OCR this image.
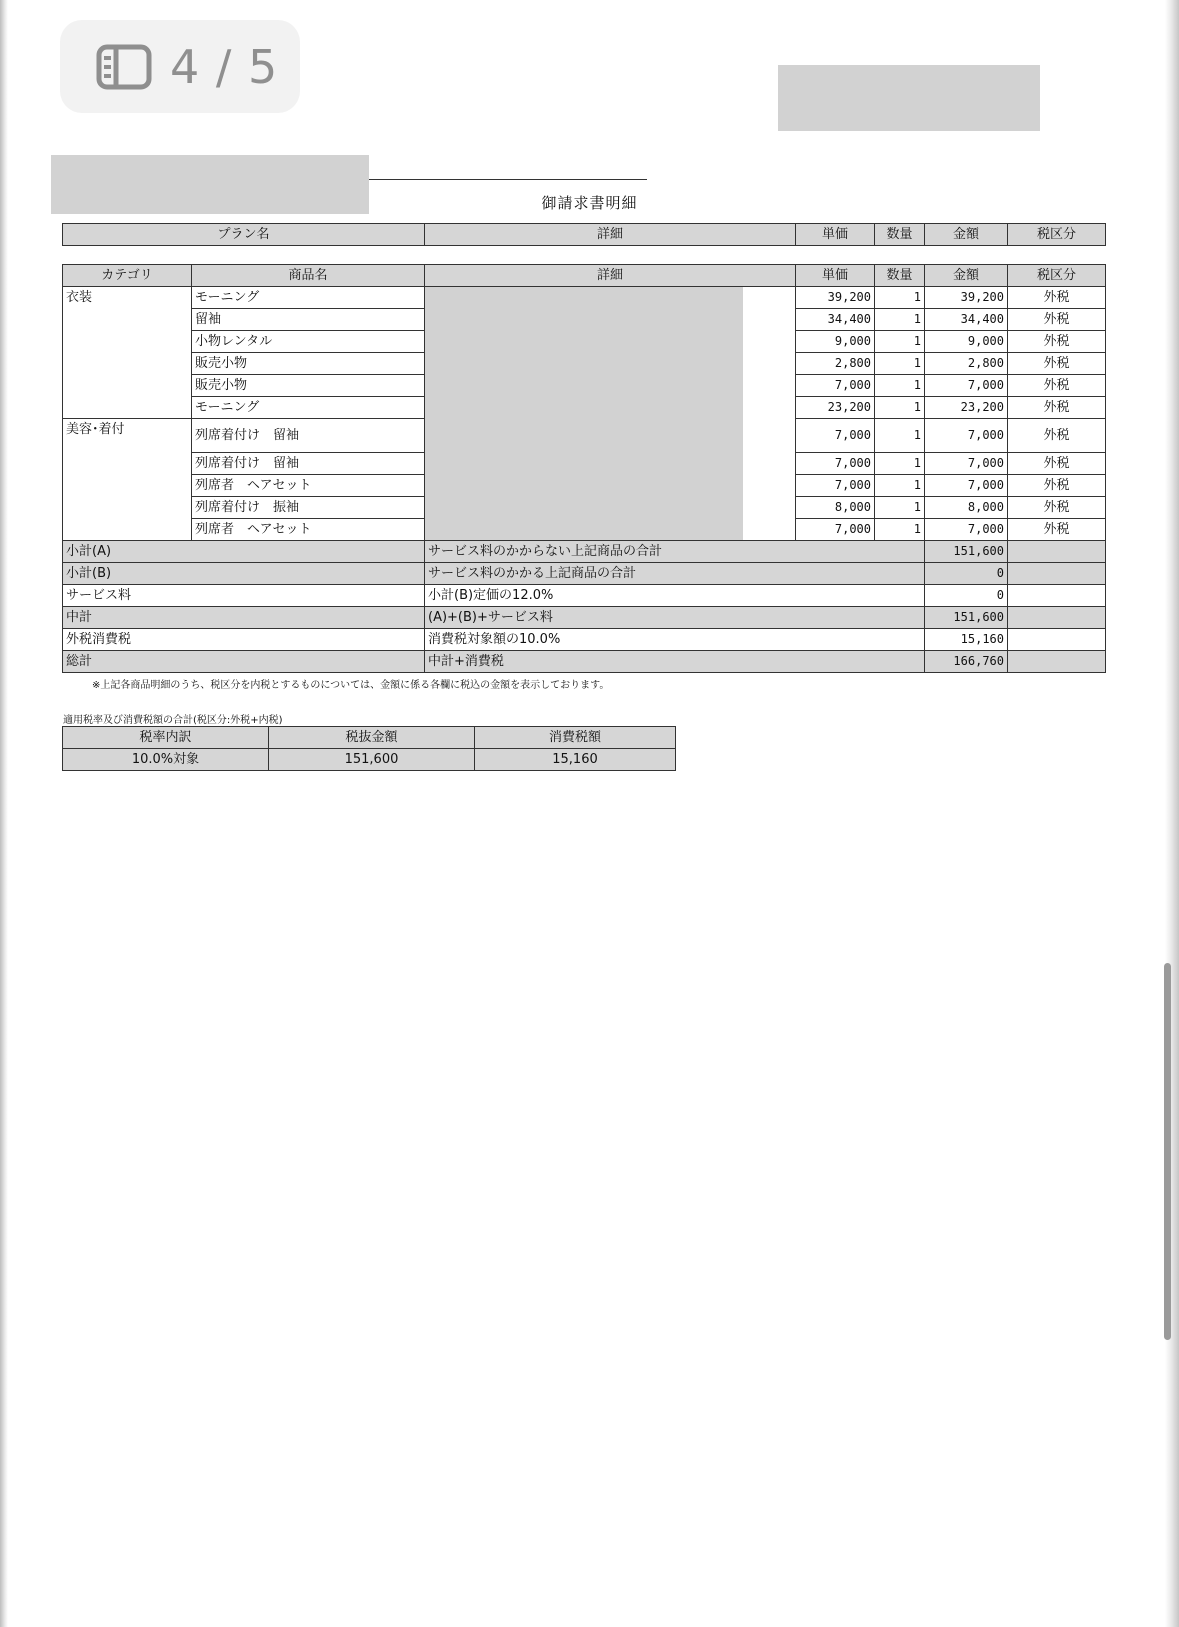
4 / 5
御請求書明細
プラン名	詳細	単価	数量	金額	税区分
カテゴリ	商品名	詳細	単価	数量	金額	税区分
衣装	モーニング		39,200	1	39,200	外税
	留袖		34,400	1	34,400	外税
	小物レンタル		9,000	1	9,000	外税
	販売小物		2,800	1	2,800	外税
	販売小物		7,000	1	7,000	外税
	モーニング		23,200	1	23,200	外税
美容･着付	列席着付け　留袖		7,000	1	7,000	外税
	列席着付け　留袖		7,000	1	7,000	外税
	列席者　ヘアセット		7,000	1	7,000	外税
	列席着付け　振袖		8,000	1	8,000	外税
	列席者　ヘアセット		7,000	1	7,000	外税
小計(A)		サービス料のかからない上記商品の合計			151,600	
小計(B)		サービス料のかかる上記商品の合計			0	
サービス料		小計(B)定価の12.0%			0	
中計		(A)+(B)+サービス料			151,600	
外税消費税		消費税対象額の10.0%			15,160	
総計		中計+消費税			166,760	
※上記各商品明細のうち、税区分を内税とするものについては、金額に係る各欄に税込の金額を表示しております。
適用税率及び消費税額の合計(税区分:外税+内税)
税率内訳	税抜金額	消費税額
10.0%対象	151,600	15,160
